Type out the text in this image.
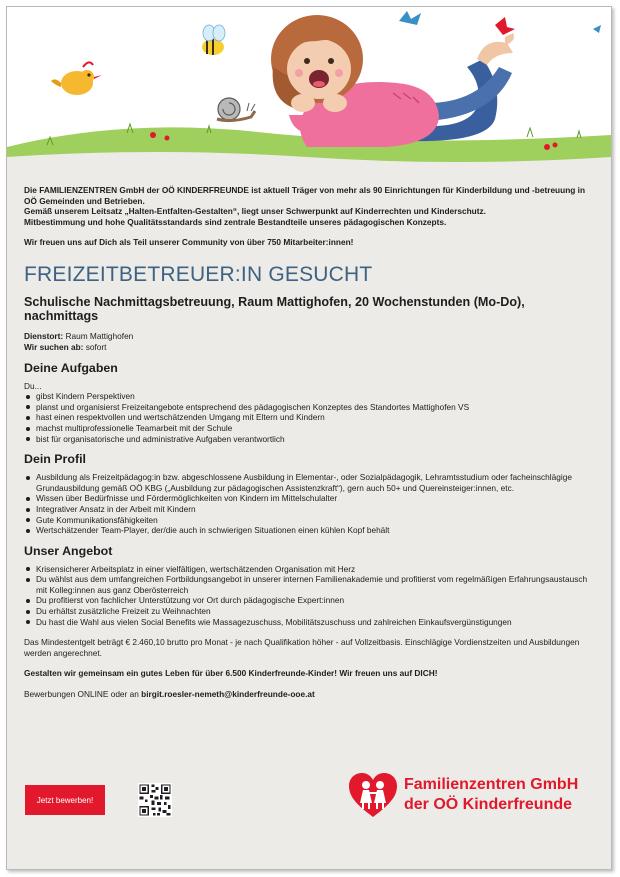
Die FAMILIENZENTREN GmbH der OÖ KINDERFREUNDE ist aktuell Träger von mehr als 90 Einrichtungen für Kinderbildung und -betreuung in OÖ Gemeinden und Betrieben.

Gemäß unserem Leitsatz „Halten-Entfalten-Gestalten“, liegt unser Schwerpunkt auf Kinderrechten und Kinderschutz.

Mitbestimmung und hohe Qualitätsstandards sind zentrale Bestandteile unseres pädagogischen Konzepts.

Wir freuen uns auf Dich als Teil unserer Community von über 750 Mitarbeiter:innen!

FREIZEITBETREUER:IN GESUCHT
Schulische Nachmittagsbetreuung, Raum Mattighofen, 20 Wochenstunden (Mo-Do), nachmittags
Dienstort: Raum Mattighofen
Wir suchen ab: sofort
Deine Aufgaben

Du...

gibst Kindern Perspektiven
planst und organisierst Freizeitangebote entsprechend des pädagogischen Konzeptes des Standortes Mattighofen VS
hast einen respektvollen und wertschätzenden Umgang mit Eltern und Kindern
machst multiprofessionelle Teamarbeit mit der Schule
bist für organisatorische und administrative Aufgaben verantwortlich
Dein Profil
Ausbildung als Freizeitpädagog:in bzw. abgeschlossene Ausbildung in Elementar-, oder Sozialpädagogik, Lehramtsstudium oder facheinschlägige Grundausbildung gemäß OÖ KBG („Ausbildung zur pädagogischen Assistenzkraft“), gern auch 50+ und Quereinsteiger:innen, etc.
Wissen über Bedürfnisse und Fördermöglichkeiten von Kindern im Mittelschulalter
Integrativer Ansatz in der Arbeit mit Kindern
Gute Kommunikationsfähigkeiten
Wertschätzender Team-Player, der/die auch in schwierigen Situationen einen kühlen Kopf behält
Unser Angebot
Krisensicherer Arbeitsplatz in einer vielfältigen, wertschätzenden Organisation mit Herz
Du wählst aus dem umfangreichen Fortbildungsangebot in unserer internen Familienakademie und profitierst vom regelmäßigen Erfahrungsaustausch mit Kolleg:innen aus ganz Oberösterreich
Du profitierst von fachlicher Unterstützung vor Ort durch pädagogische Expert:innen
Du erhältst zusätzliche Freizeit zu Weihnachten
Du hast die Wahl aus vielen Social Benefits wie Massagezuschuss, Mobilitätszuschuss und zahlreichen Einkaufsvergünstigungen

Das Mindestentgelt beträgt € 2.460,10 brutto pro Monat - je nach Qualifikation höher - auf Vollzeitbasis. Einschlägige Vordienstzeiten und Ausbildungen werden angerechnet.

Gestalten wir gemeinsam ein gutes Leben für über 6.500 Kinderfreunde-Kinder! Wir freuen uns auf DICH!

Bewerbungen ONLINE oder an birgit.roesler-nemeth@kinderfreunde-ooe.at

Jetzt bewerben!
Familienzentren GmbH
der OÖ Kinderfreunde
